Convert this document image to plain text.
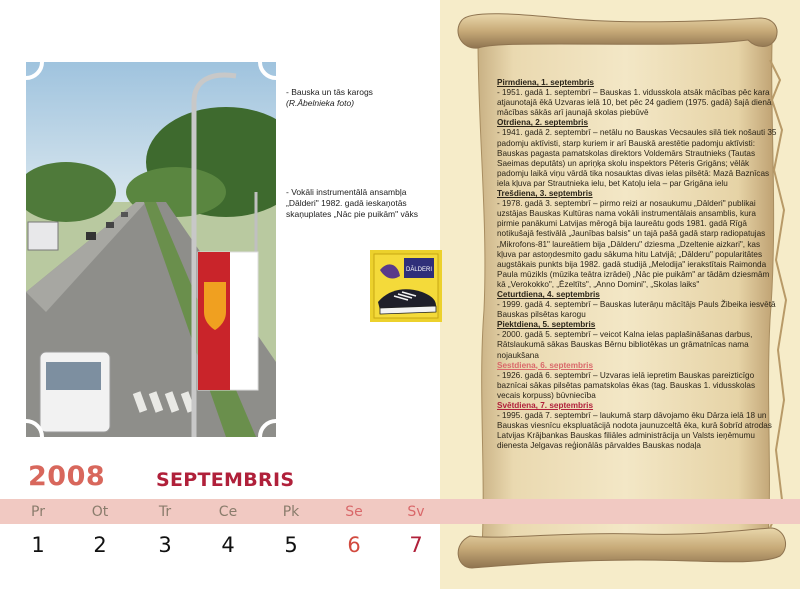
- Bauska un tās karogs
(R.Ābelnieka foto)
- Vokāli instrumentālā ansambļa
„Dālderi" 1982. gadā ieskaņotās
skaņuplates „Nāc pie puikām" vāks
DĀLDERI
Pirmdiena, 1. septembris
- 1951. gadā 1. septembrī – Bauskas 1. vidusskola atsāk mācības pēc kara atjaunotajā ēkā Uzvaras ielā 10, bet pēc 24 gadiem (1975. gadā) šajā dienā mācības sākās arī jaunajā skolas piebūvē
Otrdiena, 2. septembris
- 1941. gadā 2. septembrī – netālu no Bauskas Vecsaules silā tiek nošauti 35 padomju aktīvisti, starp kuriem ir arī Bauskā arestētie padomju aktīvisti: Bauskas pagasta pamatskolas direktors Voldemārs Strautnieks (Tautas Saeimas deputāts) un apriņķa skolu inspektors Pēteris Grigāns; vēlāk padomju laikā viņu vārdā tika nosauktas divas ielas pilsētā: Mazā Baznīcas iela kļuva par Strautnieka ielu, bet Katoļu iela – par Grigāna ielu
Trešdiena, 3. septembris
- 1978. gadā 3. septembrī – pirmo reizi ar nosaukumu „Dālderi" publikai uzstājas Bauskas Kultūras nama vokāli instrumentālais ansamblis, kura pirmie panākumi Latvijas mērogā bija laureātu gods 1981. gadā Rīgā notikušajā festivālā „Jaunības balsis" un tajā pašā gadā starp radiopatujas „Mikrofons-81" laureātiem bija „Dālderu" dziesma „Dzeltenie aizkari", kas kļuva par astoņdesmito gadu sākuma hitu Latvijā; „Dālderu" popularitātes augstākais punkts bija 1982. gadā studijā „Melodija" ierakstītais Raimonda Paula mūzikls (mūzika teātra izrādei) „Nāc pie puikām" ar tādām dziesmām kā „Verokokko", „Ēzeltīts", „Anno Domini", „Skolas laiks"
Ceturtdiena, 4. septembris
- 1999. gadā 4. septembrī – Bauskas luterāņu mācītājs Pauls Žibeika iesvētā Bauskas pilsētas karogu
Piektdiena, 5. septembris
- 2000. gadā 5. septembrī – veicot Kalna ielas paplašināšanas darbus, Rātslaukumā sākas Bauskas Bērnu bibliotēkas un grāmatnīcas nama nojaukšana
Sestdiena, 6. septembris
- 1926. gadā 6. septembrī – Uzvaras ielā iepretim Bauskas pareizticīgo baznīcai sākas pilsētas pamatskolas ēkas (tag. Bauskas 1. vidusskolas vecais korpuss) būvniecība
Svētdiena, 7. septembris
- 1995. gadā 7. septembrī – laukumā starp dāvojamo ēku Dārza ielā 18 un Bauskas viesnīcu ekspluatācijā nodota jaunuzceltā ēka, kurā šobrīd atrodas Latvijas Krājbankas Bauskas filiāles administrācija un Valsts ieņēmumu dienesta Jelgavas reģionālās pārvaldes Bauskas nodaļa
2008	SEPTEMBRIS
Pr	Ot	Tr	Ce	Pk	Se	Sv
1	2	3	4	5	6	7
